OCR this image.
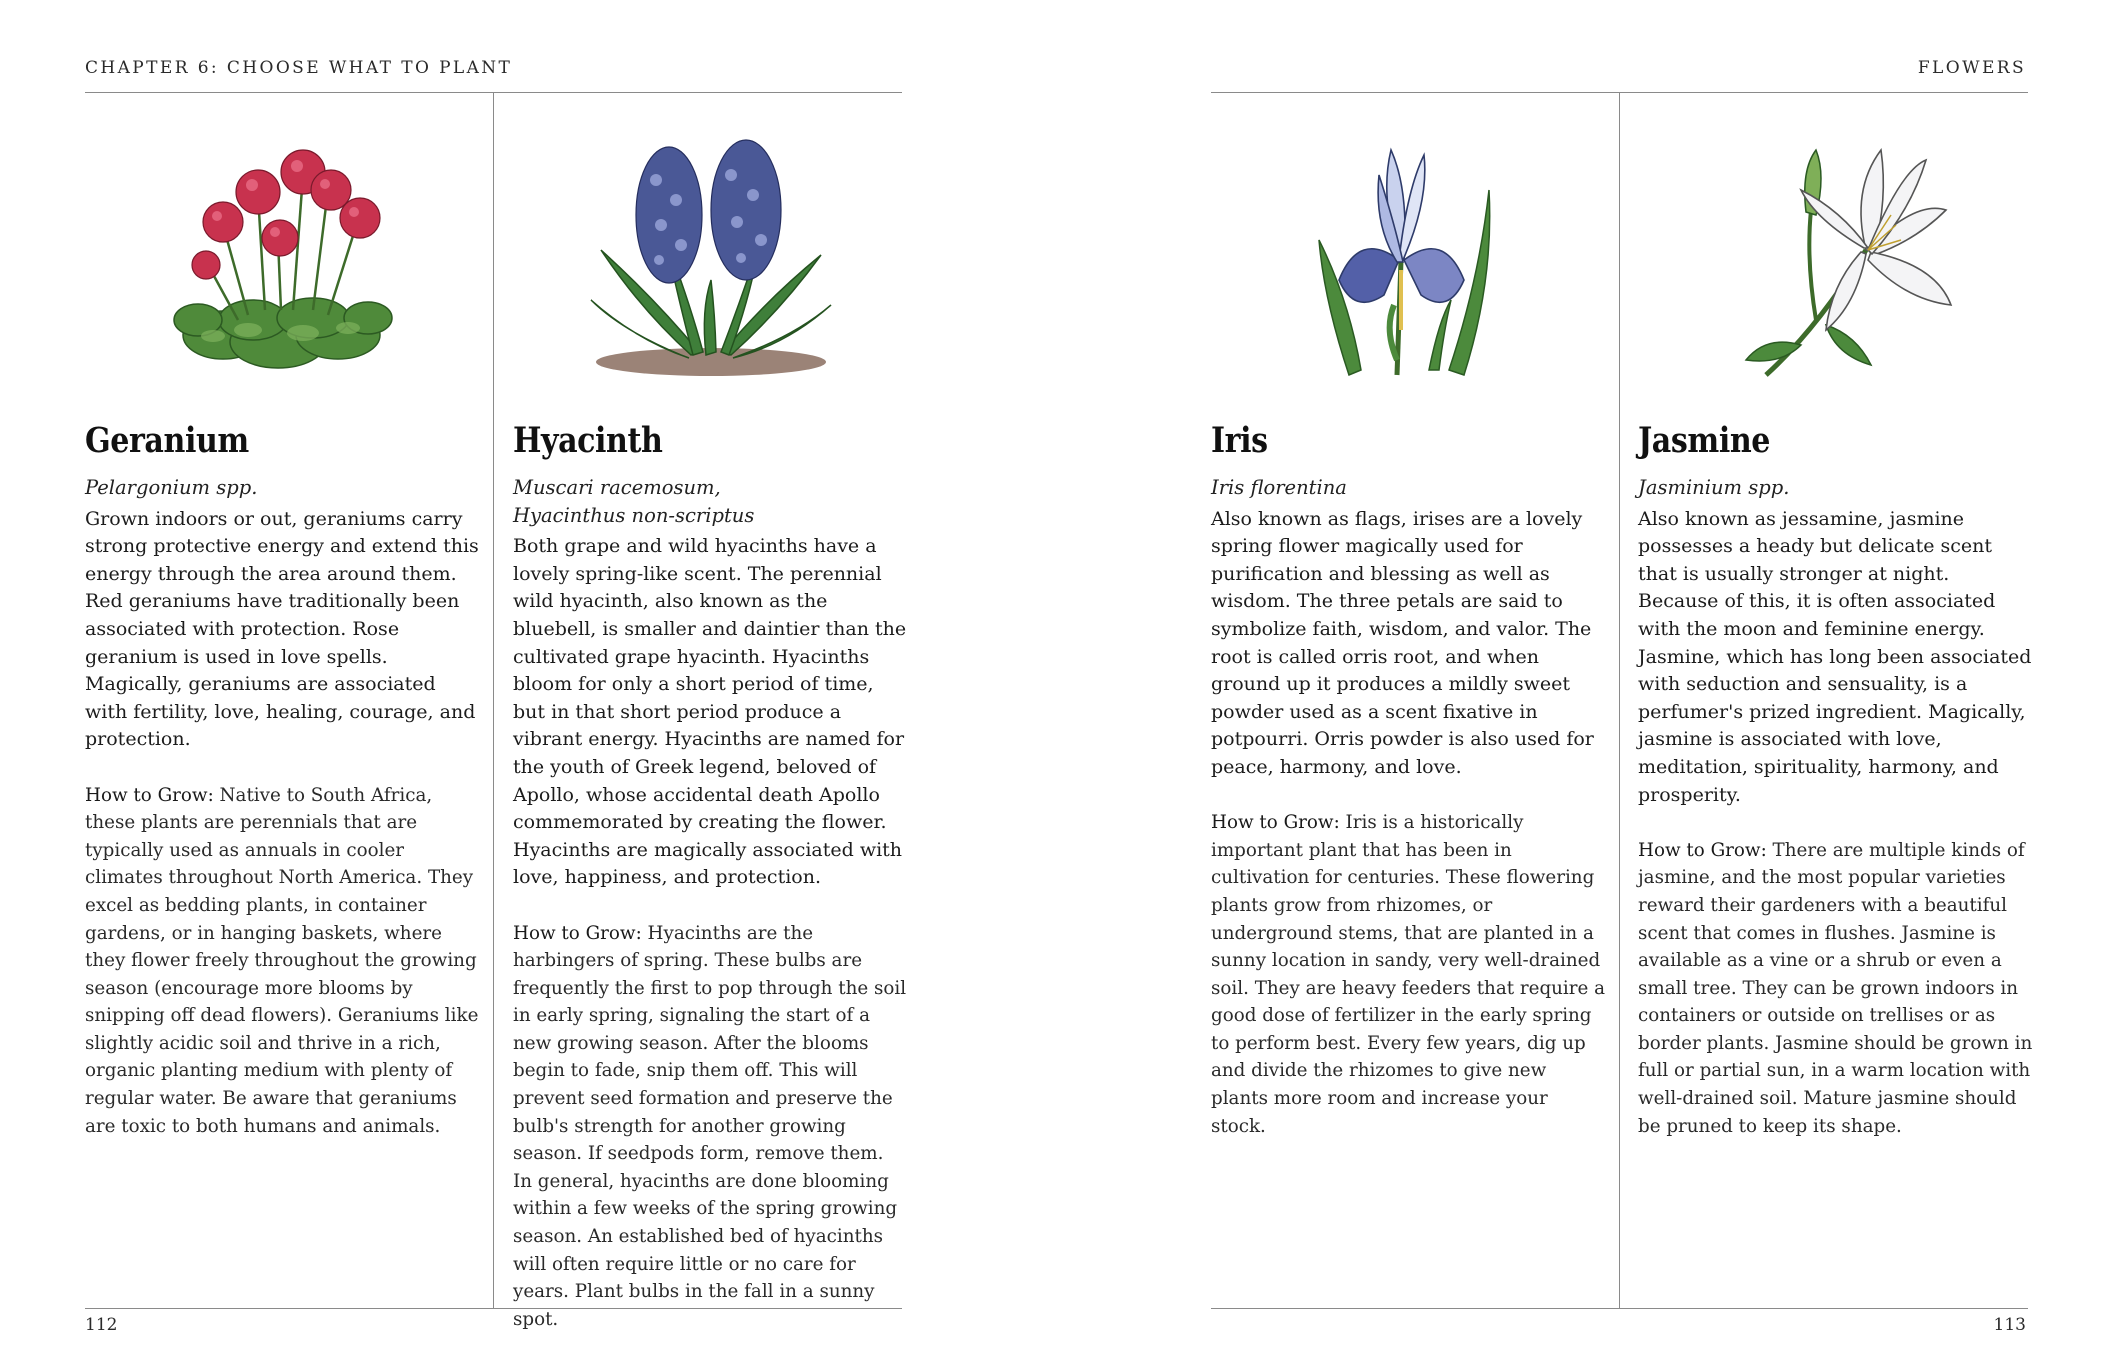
CHAPTER 6: CHOOSE WHAT TO PLANT	FLOWERS
112	113
Geranium
Pelargonium spp.
Grown indoors or out, geraniums carry strong protective energy and extend this energy through the area around them. Red geraniums have traditionally been associated with protection. Rose geranium is used in love spells. Magically, geraniums are associated with fertility, love, healing, courage, and protection.
How to Grow: Native to South Africa, these plants are perennials that are typically used as annuals in cooler climates throughout North America. They excel as bedding plants, in container gardens, or in hanging baskets, where they flower freely throughout the growing season (encourage more blooms by snipping off dead flowers). Geraniums like slightly acidic soil and thrive in a rich, organic planting medium with plenty of regular water. Be aware that geraniums are toxic to both humans and animals.
Hyacinth
Muscari racemosum,
Hyacinthus non-scriptus
Both grape and wild hyacinths have a lovely spring-like scent. The perennial wild hyacinth, also known as the bluebell, is smaller and daintier than the cultivated grape hyacinth. Hyacinths bloom for only a short period of time, but in that short period produce a vibrant energy. Hyacinths are named for the youth of Greek legend, beloved of Apollo, whose accidental death Apollo commemorated by creating the flower. Hyacinths are magically associated with love, happiness, and protection.
How to Grow: Hyacinths are the harbingers of spring. These bulbs are frequently the first to pop through the soil in early spring, signaling the start of a new growing season. After the blooms begin to fade, snip them off. This will prevent seed formation and preserve the bulb's strength for another growing season. If seedpods form, remove them. In general, hyacinths are done blooming within a few weeks of the spring growing season. An established bed of hyacinths will often require little or no care for years. Plant bulbs in the fall in a sunny spot.
Iris
Iris florentina
Also known as flags, irises are a lovely spring flower magically used for purification and blessing as well as wisdom. The three petals are said to symbolize faith, wisdom, and valor. The root is called orris root, and when ground up it produces a mildly sweet powder used as a scent fixative in potpourri. Orris powder is also used for peace, harmony, and love.
How to Grow: Iris is a historically important plant that has been in cultivation for centuries. These flowering plants grow from rhizomes, or underground stems, that are planted in a sunny location in sandy, very well-drained soil. They are heavy feeders that require a good dose of fertilizer in the early spring to perform best. Every few years, dig up and divide the rhizomes to give new plants more room and increase your stock.
Jasmine
Jasminium spp.
Also known as jessamine, jasmine possesses a heady but delicate scent that is usually stronger at night. Because of this, it is often associated with the moon and feminine energy. Jasmine, which has long been associated with seduction and sensuality, is a perfumer's prized ingredient. Magically, jasmine is associated with love, meditation, spirituality, harmony, and prosperity.
How to Grow: There are multiple kinds of jasmine, and the most popular varieties reward their gardeners with a beautiful scent that comes in flushes. Jasmine is available as a vine or a shrub or even a small tree. They can be grown indoors in containers or outside on trellises or as border plants. Jasmine should be grown in full or partial sun, in a warm location with well-drained soil. Mature jasmine should be pruned to keep its shape.
